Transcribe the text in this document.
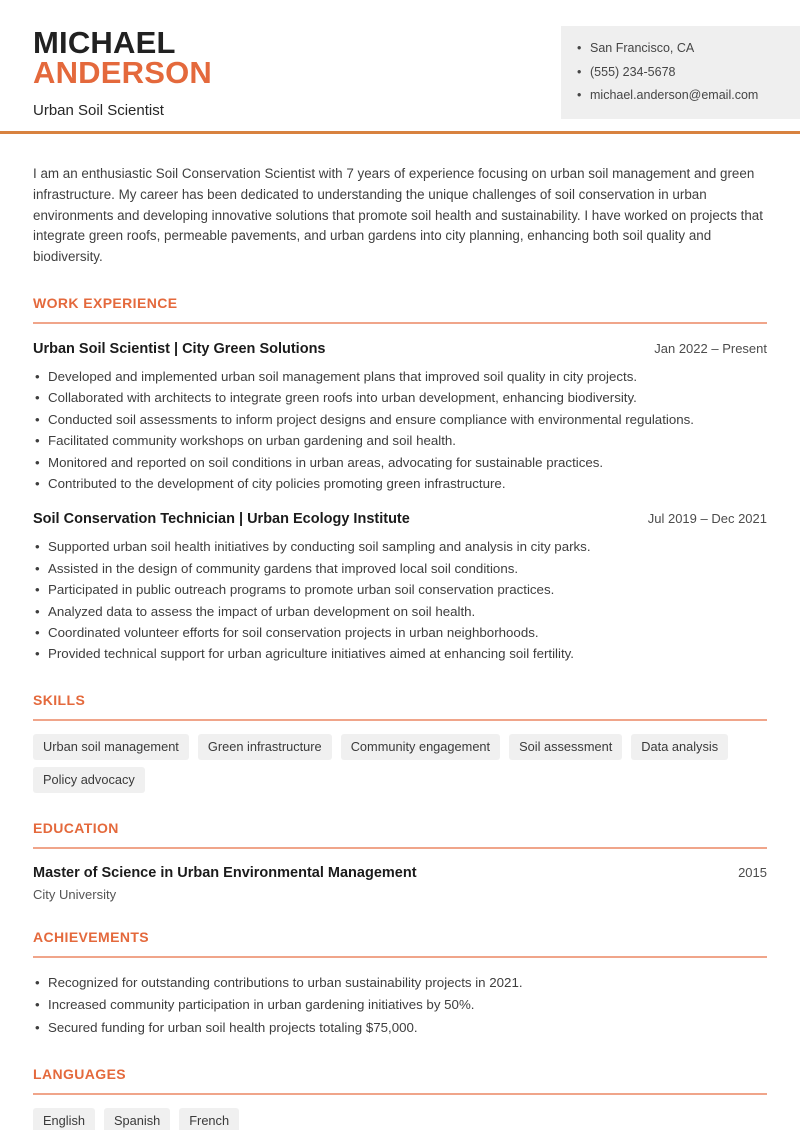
MICHAEL
ANDERSON
Urban Soil Scientist
• San Francisco, CA
• (555) 234-5678
• michael.anderson@email.com

I am an enthusiastic Soil Conservation Scientist with 7 years of experience focusing on urban soil management and green infrastructure. My career has been dedicated to understanding the unique challenges of soil conservation in urban environments and developing innovative solutions that promote soil health and sustainability. I have worked on projects that integrate green roofs, permeable pavements, and urban gardens into city planning, enhancing both soil quality and biodiversity.

WORK EXPERIENCE
Urban Soil Scientist | City Green Solutions	Jan 2022 – Present
• Developed and implemented urban soil management plans that improved soil quality in city projects.
• Collaborated with architects to integrate green roofs into urban development, enhancing biodiversity.
• Conducted soil assessments to inform project designs and ensure compliance with environmental regulations.
• Facilitated community workshops on urban gardening and soil health.
• Monitored and reported on soil conditions in urban areas, advocating for sustainable practices.
• Contributed to the development of city policies promoting green infrastructure.
Soil Conservation Technician | Urban Ecology Institute	Jul 2019 – Dec 2021
• Supported urban soil health initiatives by conducting soil sampling and analysis in city parks.
• Assisted in the design of community gardens that improved local soil conditions.
• Participated in public outreach programs to promote urban soil conservation practices.
• Analyzed data to assess the impact of urban development on soil health.
• Coordinated volunteer efforts for soil conservation projects in urban neighborhoods.
• Provided technical support for urban agriculture initiatives aimed at enhancing soil fertility.
SKILLS
Urban soil management	Green infrastructure	Community engagement	Soil assessment	Data analysis
Policy advocacy
EDUCATION
Master of Science in Urban Environmental Management	2015
City University
ACHIEVEMENTS
• Recognized for outstanding contributions to urban sustainability projects in 2021.
• Increased community participation in urban gardening initiatives by 50%.
• Secured funding for urban soil health projects totaling $75,000.
LANGUAGES
English	Spanish	French
